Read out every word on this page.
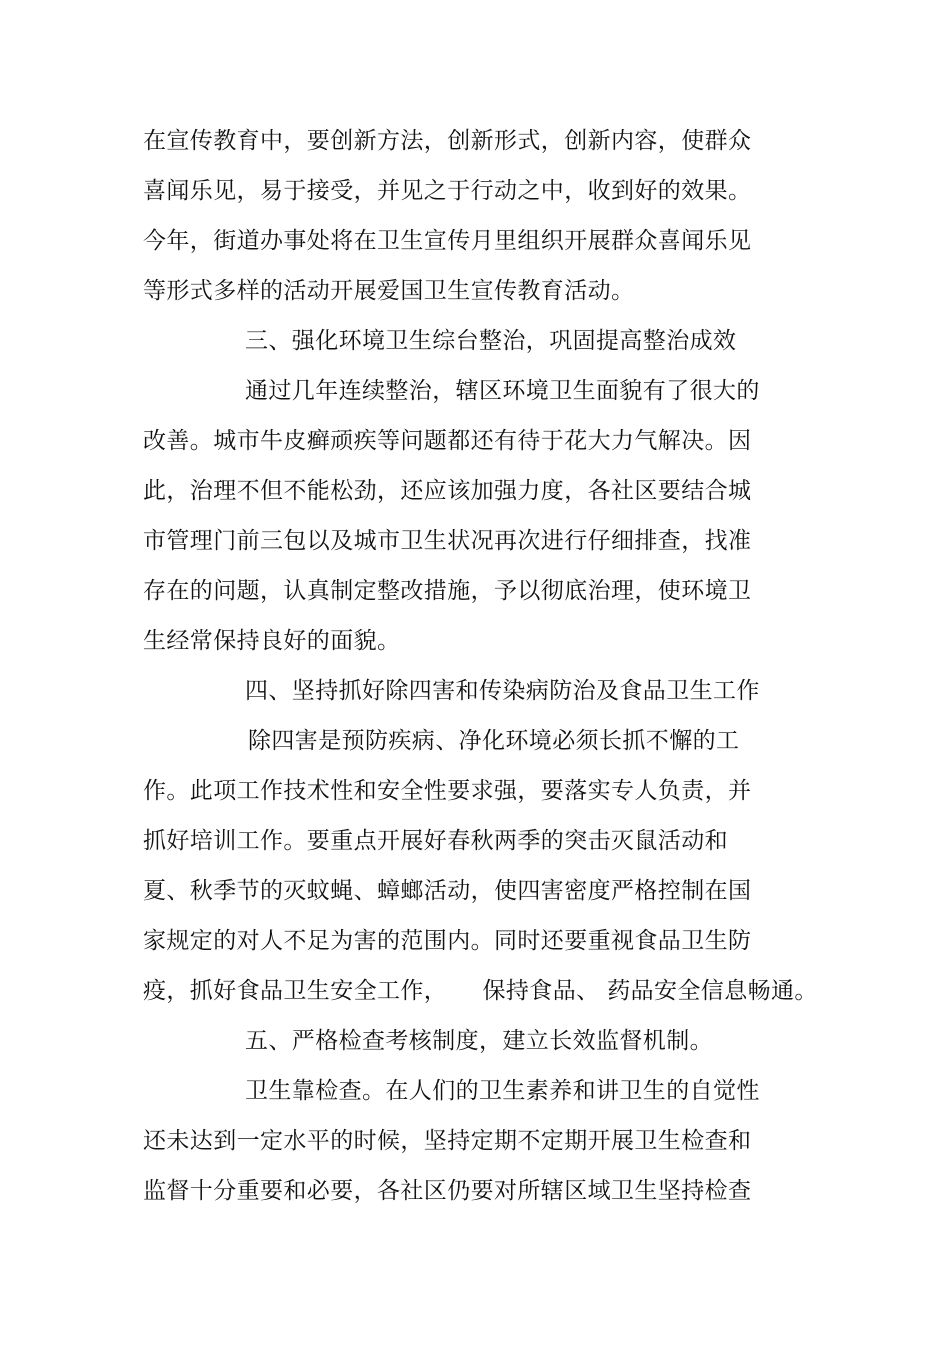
在宣传教育中，要创新方法，创新形式，创新内容，使群众
喜闻乐见，易于接受，并见之于行动之中，收到好的效果。
今年，街道办事处将在卫生宣传月里组织开展群众喜闻乐见
等形式多样的活动开展爱国卫生宣传教育活动。
三、强化环境卫生综台整治，巩固提高整治成效
通过几年连续整治，辖区环境卫生面貌有了很大的
改善。城市牛皮癣顽疾等问题都还有待于花大力气解决。因
此，治理不但不能松劲，还应该加强力度，各社区要结合城
市管理门前三包以及城市卫生状况再次进行仔细排查，找准
存在的问题，认真制定整改措施，予以彻底治理，使环境卫
生经常保持良好的面貌。
四、坚持抓好除四害和传染病防治及食品卫生工作
除四害是预防疾病、净化环境必须长抓不懈的工
作。此项工作技术性和安全性要求强，要落实专人负责，并
抓好培训工作。要重点开展好春秋两季的突击灭鼠活动和
夏、秋季节的灭蚊蝇、蟑螂活动，使四害密度严格控制在国
家规定的对人不足为害的范围内。同时还要重视食品卫生防
疫，抓好食品卫生安全工作，　　保持食品、 药品安全信息畅通。
五、严格检查考核制度，建立长效监督机制。
卫生靠检查。在人们的卫生素养和讲卫生的自觉性
还未达到一定水平的时候，坚持定期不定期开展卫生检查和
监督十分重要和必要，各社区仍要对所辖区域卫生坚持检查
